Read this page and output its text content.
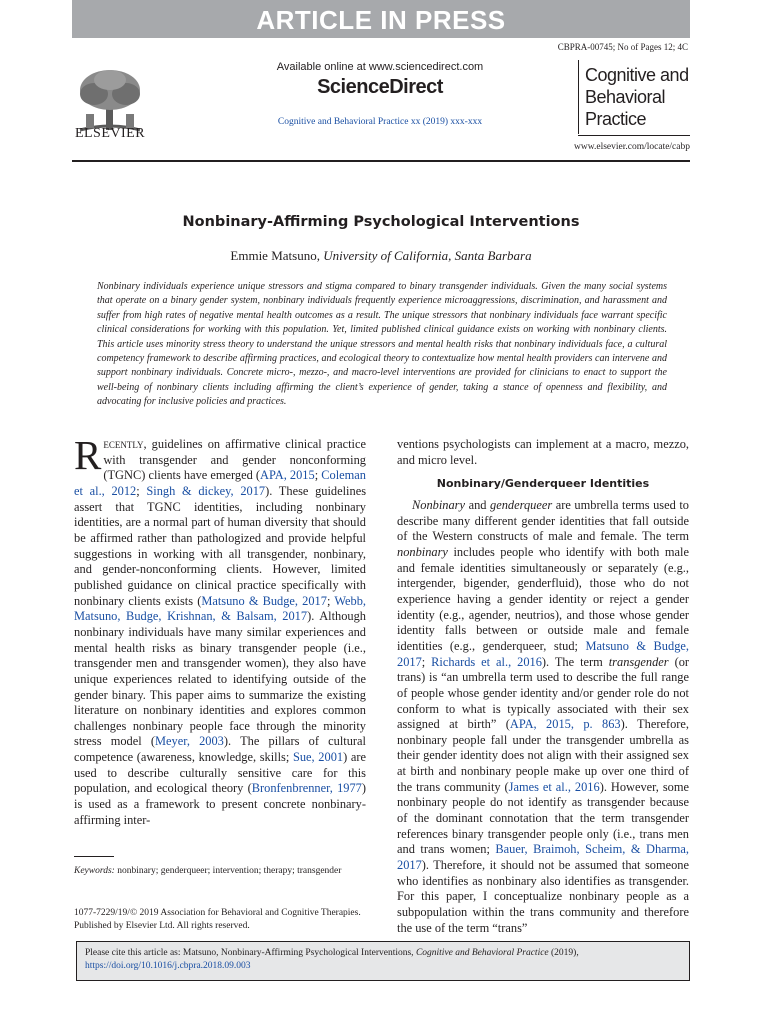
ARTICLE IN PRESS
CBPRA-00745; No of Pages 12; 4C
ELSEVIER
Available online at www.sciencedirect.com
ScienceDirect
Cognitive and Behavioral Practice xx (2019) xxx-xxx
Cognitive and
Behavioral
Practice
www.elsevier.com/locate/cabp
Nonbinary-Affirming Psychological Interventions
Emmie Matsuno, University of California, Santa Barbara
Nonbinary individuals experience unique stressors and stigma compared to binary transgender individuals. Given the many social systems that operate on a binary gender system, nonbinary individuals frequently experience microaggressions, discrimination, and harassment and suffer from high rates of negative mental health outcomes as a result. The unique stressors that nonbinary individuals face warrant specific clinical considerations for working with this population. Yet, limited published clinical guidance exists on working with nonbinary clients. This article uses minority stress theory to understand the unique stressors and mental health risks that nonbinary individuals face, a cultural competency framework to describe affirming practices, and ecological theory to contextualize how mental health providers can intervene and support nonbinary individuals. Concrete micro-, mezzo-, and macro-level interventions are provided for clinicians to enact to support the well-being of nonbinary clients including affirming the client’s experience of gender, taking a stance of openness and flexibility, and advocating for inclusive policies and practices.
Recently, guidelines on affirmative clinical practice with transgender and gender nonconforming (TGNC) clients have emerged (APA, 2015; Coleman et al., 2012; Singh & dickey, 2017). These guidelines assert that TGNC identities, including nonbinary identities, are a normal part of human diversity that should be affirmed rather than pathologized and provide helpful suggestions in working with all transgender, nonbinary, and gender-nonconforming clients. However, limited published guidance on clinical practice specifically with nonbinary clients exists (Matsuno & Budge, 2017; Webb, Matsuno, Budge, Krishnan, & Balsam, 2017). Although nonbinary individuals have many similar experiences and mental health risks as binary transgender people (i.e., transgender men and transgender women), they also have unique experiences related to identifying outside of the gender binary. This paper aims to summarize the existing literature on nonbinary identities and explores common challenges nonbinary people face through the minority stress model (Meyer, 2003). The pillars of cultural competence (awareness, knowledge, skills; Sue, 2001) are used to describe culturally sensitive care for this population, and ecological theory (Bronfenbrenner, 1977) is used as a framework to present concrete nonbinary-affirming inter-
ventions psychologists can implement at a macro, mezzo, and micro level.
Nonbinary/Genderqueer Identities
Nonbinary and genderqueer are umbrella terms used to describe many different gender identities that fall outside of the Western constructs of male and female. The term nonbinary includes people who identify with both male and female identities simultaneously or separately (e.g., intergender, bigender, genderfluid), those who do not experience having a gender identity or reject a gender identity (e.g., agender, neutrios), and those whose gender identity falls between or outside male and female identities (e.g., genderqueer, stud; Matsuno & Budge, 2017; Richards et al., 2016). The term transgender (or trans) is “an umbrella term used to describe the full range of people whose gender identity and/or gender role do not conform to what is typically associated with their sex assigned at birth” (APA, 2015, p. 863). Therefore, nonbinary people fall under the transgender umbrella as their gender identity does not align with their assigned sex at birth and nonbinary people make up over one third of the trans community (James et al., 2016). However, some nonbinary people do not identify as transgender because of the dominant connotation that the term transgender references binary transgender people only (i.e., trans men and trans women; Bauer, Braimoh, Scheim, & Dharma, 2017). Therefore, it should not be assumed that someone who identifies as nonbinary also identifies as transgender. For this paper, I conceptualize nonbinary people as a subpopulation within the trans community and therefore the use of the term “trans”
Keywords: nonbinary; genderqueer; intervention; therapy; transgender
1077-7229/19/© 2019 Association for Behavioral and Cognitive Therapies. Published by Elsevier Ltd. All rights reserved.
Please cite this article as: Matsuno, Nonbinary-Affirming Psychological Interventions, Cognitive and Behavioral Practice (2019), https://doi.org/10.1016/j.cbpra.2018.09.003
